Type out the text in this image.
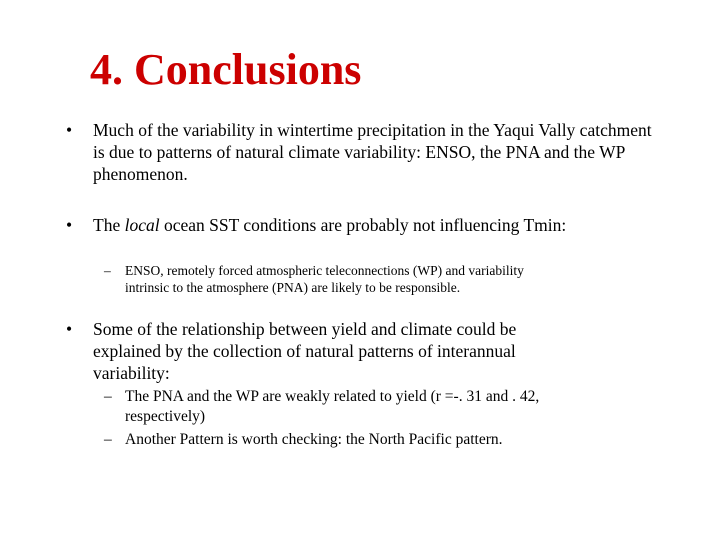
4. Conclusions
•	Much of the variability in wintertime precipitation in the Yaqui Vally catchment is due to patterns of natural climate variability: ENSO, the PNA and the WP phenomenon.
•	The local ocean SST conditions are probably not influencing Tmin:
– ENSO, remotely forced atmospheric teleconnections (WP) and variability intrinsic to the atmosphere (PNA) are likely to be responsible.
•	Some of the relationship between yield and climate could be explained by the collection of natural patterns of interannual variability:
– The PNA and the WP are weakly related to yield (r =-. 31 and . 42, respectively)
– Another Pattern is worth checking: the North Pacific pattern.
